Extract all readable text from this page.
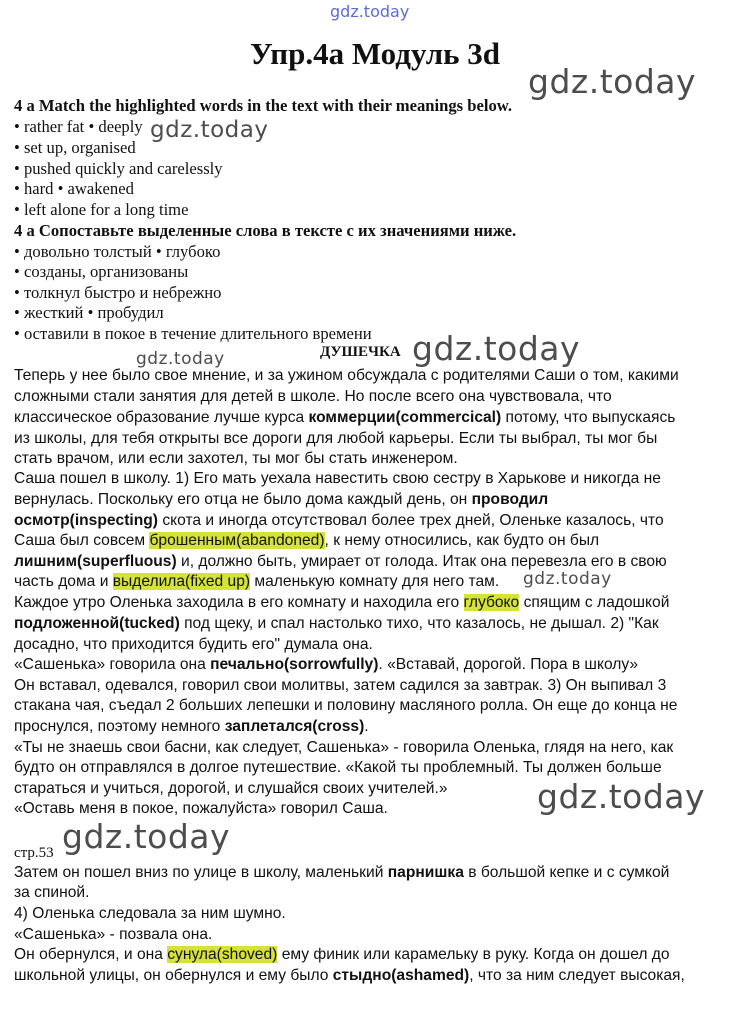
gdz.today
Упр.4а Модуль 3d
gdz.today
4 a Match the highlighted words in the text with their meanings below.
• rather fat • deeply gdz.today
• set up, organised
• pushed quickly and carelessly
• hard • awakened
• left alone for a long time
4 а Сопоставьте выделенные слова в тексте с их значениями ниже.
• довольно толстый • глубоко
• созданы, организованы
• толкнул быстро и небрежно
• жесткий • пробудил
• оставили в покое в течение длительного времени
ДУШЕЧКА gdz.today
gdz.today
Теперь у нее было свое мнение, и за ужином обсуждала с родителями Саши о том, какими
сложными стали занятия для детей в школе. Но после всего она чувствовала, что
классическое образование лучше курса коммерции(commercical) потому, что выпускаясь
из школы, для тебя открыты все дороги для любой карьеры. Если ты выбрал, ты мог бы
стать врачом, или если захотел, ты мог бы стать инженером.
Саша пошел в школу. 1) Его мать уехала навестить свою сестру в Харькове и никогда не
вернулась. Поскольку его отца не было дома каждый день, он проводил
осмотр(inspecting) скота и иногда отсутствовал более трех дней, Оленьке казалось, что
Саша был совсем брошенным(abandoned), к нему относились, как будто он был
лишним(superfluous) и, должно быть, умирает от голода. Итак она перевезла его в свою
часть дома и выделила(fixed up) маленькую комнату для него там. gdz.today
Каждое утро Оленька заходила в его комнату и находила его глубоко спящим с ладошкой
подложенной(tucked) под щеку, и спал настолько тихо, что казалось, не дышал. 2) "Как
досадно, что приходится будить его" думала она.
«Сашенька» говорила она печально(sorrowfully). «Вставай, дорогой. Пора в школу»
Он вставал, одевался, говорил свои молитвы, затем садился за завтрак. 3) Он выпивал 3
стакана чая, съедал 2 больших лепешки и половину масляного ролла. Он еще до конца не
проснулся, поэтому немного заплетался(cross).
«Ты не знаешь свои басни, как следует, Сашенька» - говорила Оленька, глядя на него, как
будто он отправлялся в долгое путешествие. «Какой ты проблемный. Ты должен больше
стараться и учиться, дорогой, и слушайся своих учителей.»	gdz.today
«Оставь меня в покое, пожалуйста» говорил Саша.
gdz.today
стр.53
Затем он пошел вниз по улице в школу, маленький парнишка в большой кепке и с сумкой
за спиной.
4) Оленька следовала за ним шумно.
«Сашенька» - позвала она.
Он обернулся, и она сунула(shoved) ему финик или карамельку в руку. Когда он дошел до
школьной улицы, он обернулся и ему было стыдно(ashamed), что за ним следует высокая,
